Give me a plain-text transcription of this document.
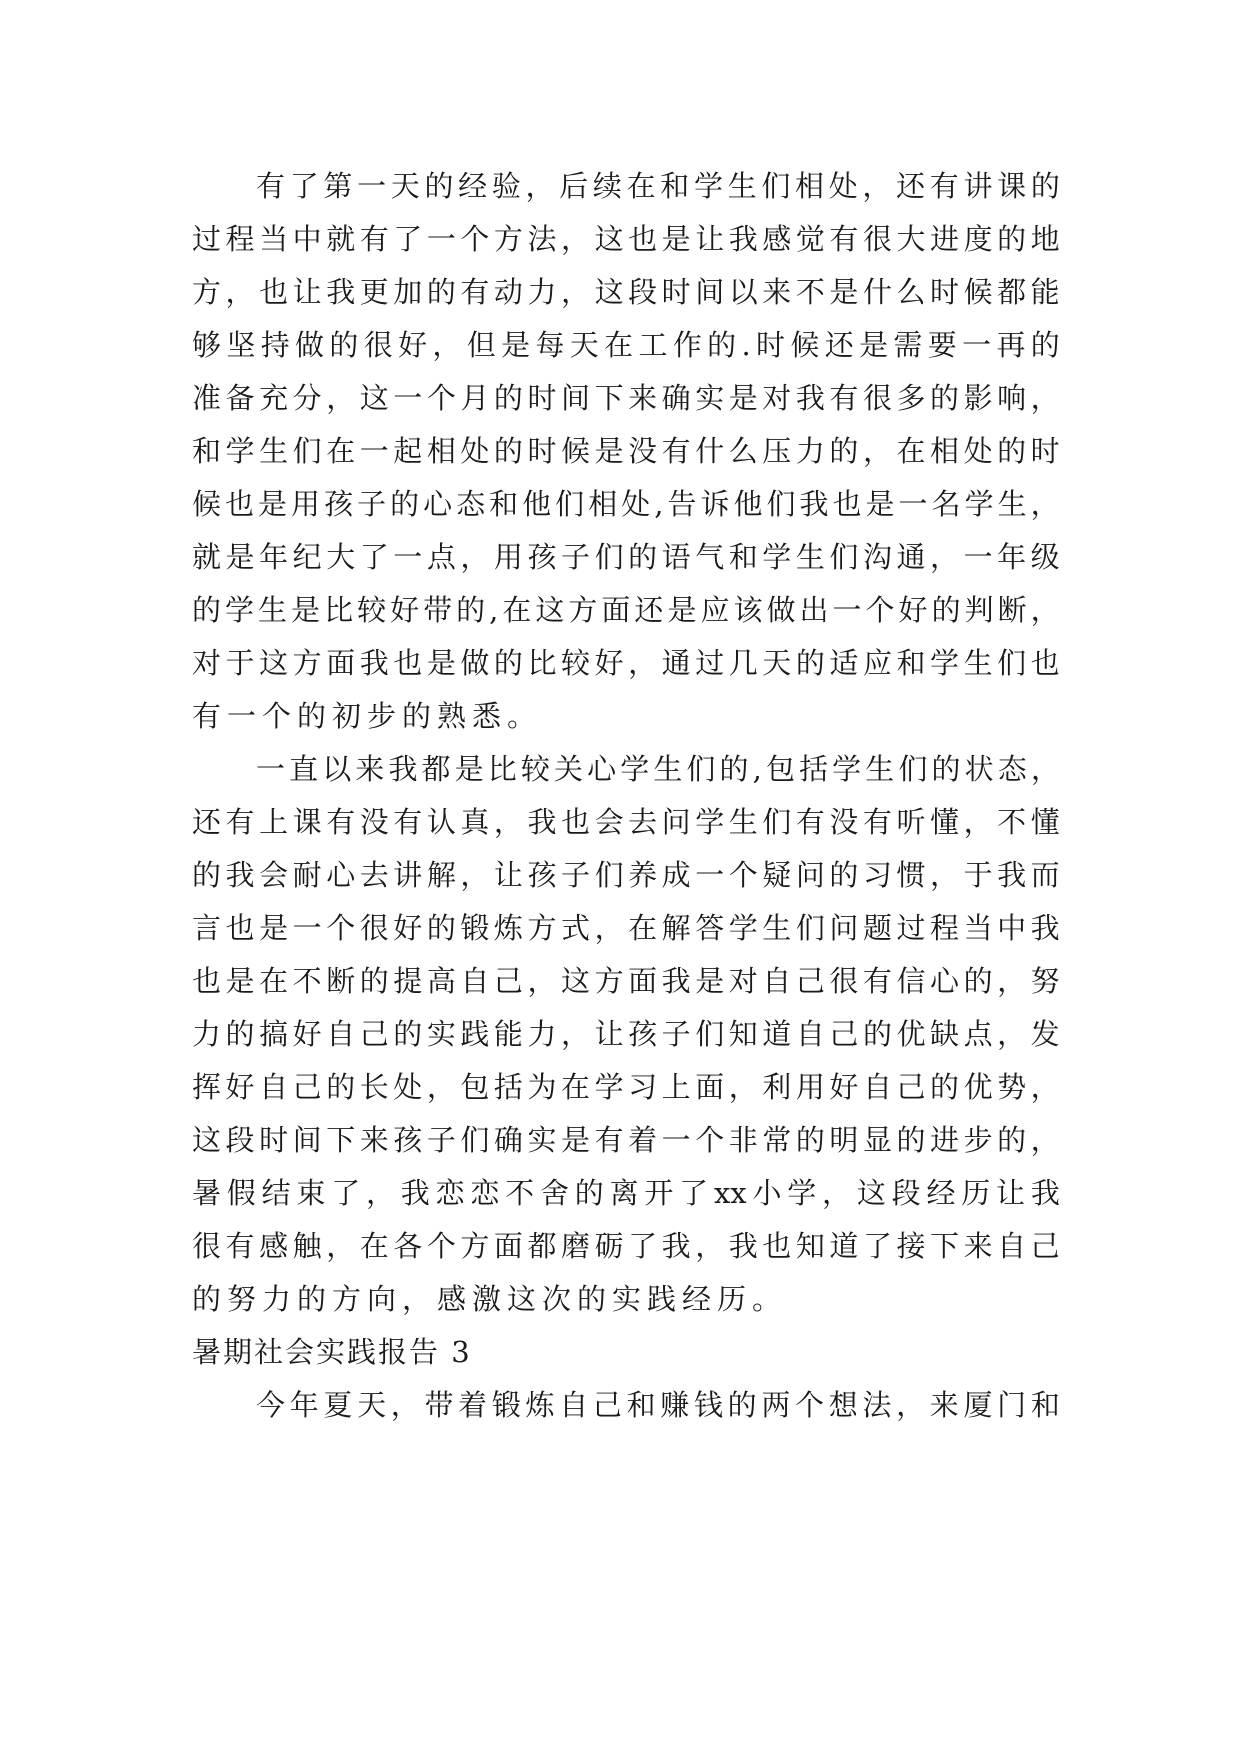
有 了 第 一 天 的 经 验 ， 后 续 在 和 学 生 们 相 处 ， 还 有 讲 课 的
过 程 当 中 就 有 了 一 个 方 法 ， 这 也 是 让 我 感 觉 有 很 大 进 度 的 地
方 ， 也 让 我 更 加 的 有 动 力 ， 这 段 时 间 以 来 不 是 什 么 时 候 都 能
够 坚 持 做 的 很 好 ， 但 是 每 天 在 工 作 的 . 时 候 还 是 需 要 一 再 的
准 备 充 分 ， 这 一 个 月 的 时 间 下 来 确 实 是 对 我 有 很 多 的 影 响 ，
和 学 生 们 在 一 起 相 处 的 时 候 是 没 有 什 么 压 力 的 ， 在 相 处 的 时
候 也 是 用 孩 子 的 心 态 和 他 们 相 处 , 告 诉 他 们 我 也 是 一 名 学 生 ，
就 是 年 纪 大 了 一 点 ， 用 孩 子 们 的 语 气 和 学 生 们 沟 通 ， 一 年 级
的 学 生 是 比 较 好 带 的 , 在 这 方 面 还 是 应 该 做 出 一 个 好 的 判 断 ，
对 于 这 方 面 我 也 是 做 的 比 较 好 ， 通 过 几 天 的 适 应 和 学 生 们 也
有一个的初步的熟悉。
一 直 以 来 我 都 是 比 较 关 心 学 生 们 的 , 包 括 学 生 们 的 状 态 ，
还 有 上 课 有 没 有 认 真 ， 我 也 会 去 问 学 生 们 有 没 有 听 懂 ， 不 懂
的 我 会 耐 心 去 讲 解 ， 让 孩 子 们 养 成 一 个 疑 问 的 习 惯 ， 于 我 而
言 也 是 一 个 很 好 的 锻 炼 方 式 ， 在 解 答 学 生 们 问 题 过 程 当 中 我
也 是 在 不 断 的 提 高 自 己 ， 这 方 面 我 是 对 自 己 很 有 信 心 的 ， 努
力 的 搞 好 自 己 的 实 践 能 力 ， 让 孩 子 们 知 道 自 己 的 优 缺 点 ， 发
挥 好 自 己 的 长 处 ， 包 括 为 在 学 习 上 面 ， 利 用 好 自 己 的 优 势 ，
这 段 时 间 下 来 孩 子 们 确 实 是 有 着 一 个 非 常 的 明 显 的 进 步 的 ，
暑 假 结 束 了 ， 我 恋 恋 不 舍 的 离 开 了 xx 小 学 ， 这 段 经 历 让 我
很 有 感 触 ， 在 各 个 方 面 都 磨 砺 了 我 ， 我 也 知 道 了 接 下 来 自 己
的努力的方向，感激这次的实践经历。
暑期社会实践报告 3
今 年 夏 天 ， 带 着 锻 炼 自 己 和 赚 钱 的 两 个 想 法 ， 来 厦 门 和
